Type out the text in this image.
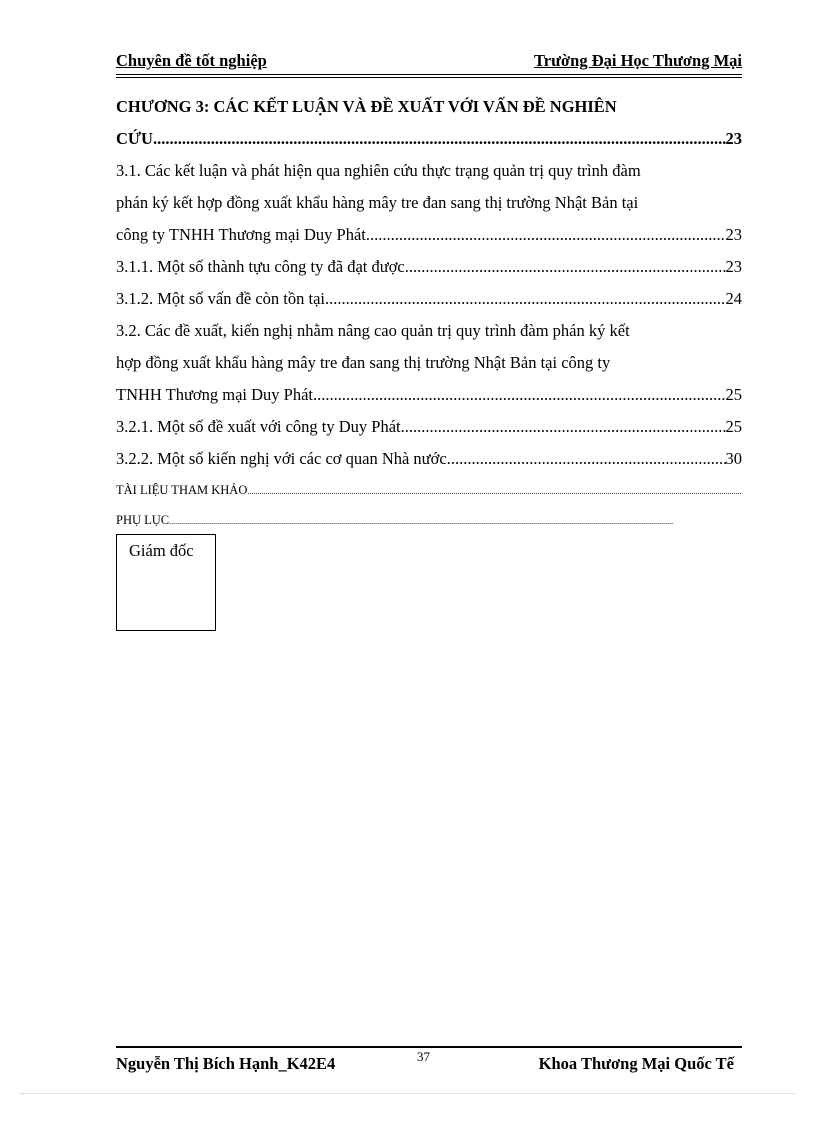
Chuyên đề tốt nghiệp	Trường Đại Học Thương Mại
CHƯƠNG 3: CÁC KẾT LUẬN VÀ ĐỀ XUẤT VỚI VẤN ĐỀ NGHIÊN
CỨU .....	23
3.1. Các kết luận và phát hiện qua nghiên cứu thực trạng quản trị quy trình đàm
phán ký kết hợp đồng xuất khẩu hàng mây tre đan sang thị trường Nhật Bản tại
công ty TNHH Thương mại Duy Phát. .....	23
3.1.1. Một số thành tựu công ty đã đạt được. .....	23
3.1.2. Một số vấn đề còn tồn tại. .....	24
3.2. Các đề xuất, kiến nghị nhằm nâng cao quản trị quy trình đàm phán ký kết
hợp đồng xuất khẩu hàng mây tre đan sang thị trường Nhật Bản tại công ty
TNHH Thương mại Duy Phát. .....	25
3.2.1. Một số đề xuất với công ty Duy Phát. .....	25
3.2.2. Một số kiến nghị với các cơ quan Nhà nước. .....	30
TÀI LIỆU THAM KHẢO
.....
PHỤ LỤC
.....
Giám đốc
Nguyễn Thị Bích Hạnh_K42E4	37	Khoa Thương Mại Quốc Tế
